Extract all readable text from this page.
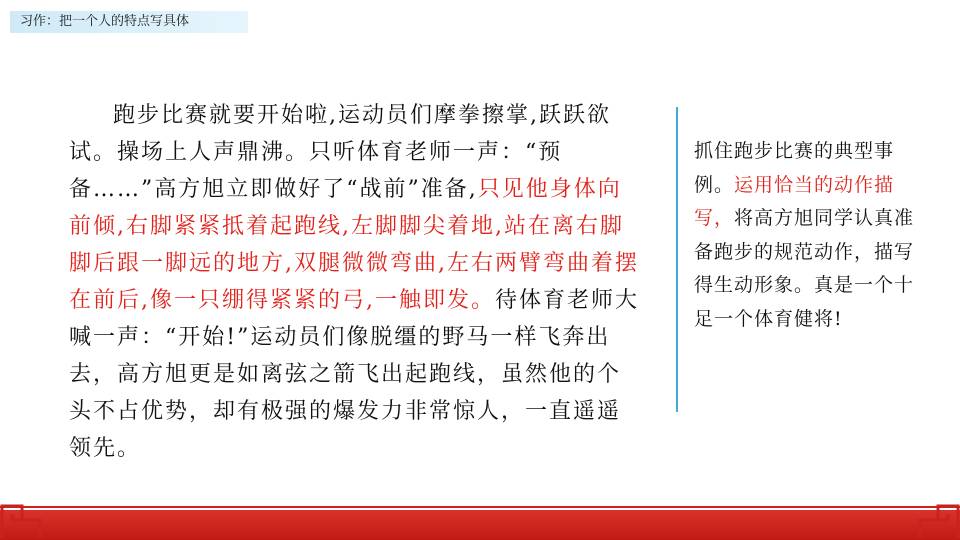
习作：把一个人的特点写具体

跑步比赛就要开始啦,运动员们摩拳擦掌,跃跃欲试。操场上人声鼎沸。只听体育老师一声：“预备……”高方旭立即做好了“战前”准备,只见他身体向前倾,右脚紧紧抵着起跑线,左脚脚尖着地,站在离右脚脚后跟一脚远的地方,双腿微微弯曲,左右两臂弯曲着摆在前后,像一只绷得紧紧的弓,一触即发。待体育老师大喊一声：“开始!”运动员们像脱缰的野马一样飞奔出去，高方旭更是如离弦之箭飞出起跑线，虽然他的个头不占优势，却有极强的爆发力非常惊人，一直遥遥领先。

抓住跑步比赛的典型事例。运用恰当的动作描写，将高方旭同学认真准备跑步的规范动作，描写得生动形象。真是一个十足一个体育健将!
